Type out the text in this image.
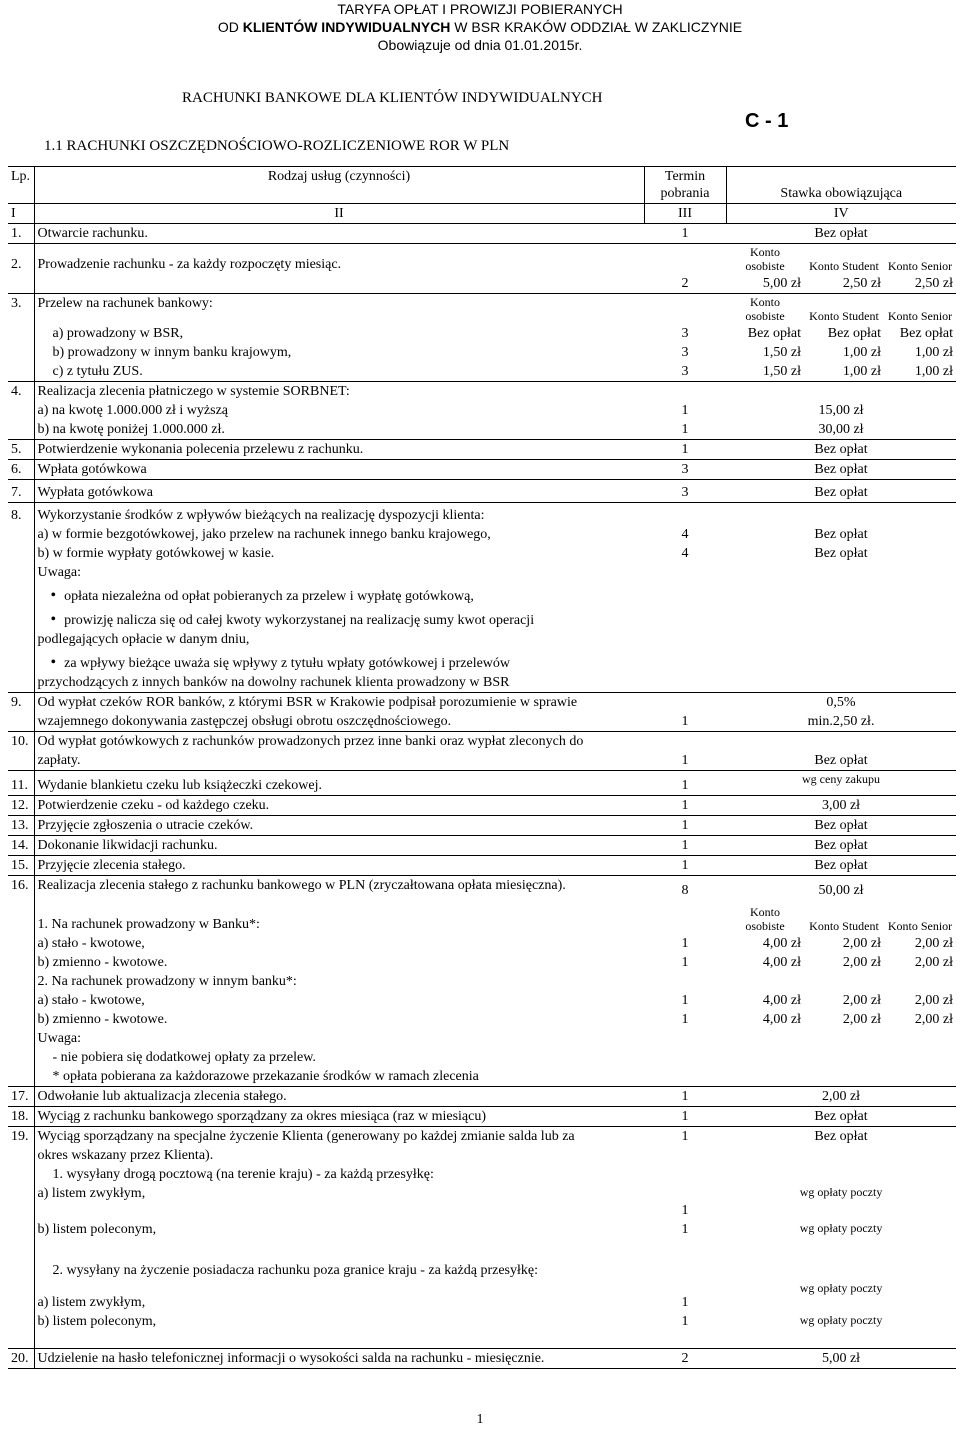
TARYFA OPŁAT I PROWIZJI POBIERANYCH
OD KLIENTÓW INDYWIDUALNYCH W BSR KRAKÓW ODDZIAŁ W ZAKLICZYNIE
Obowiązuje od dnia 01.01.2015r.
RACHUNKI BANKOWE DLA KLIENTÓW INDYWIDUALNYCH
C - 1
1.1 RACHUNKI OSZCZĘDNOŚCIOWO-ROZLICZENIOWE ROR W PLN
Lp.	Rodzaj usług (czynności)	Termin pobrania	Stawka obowiązująca		
I	II	III	IV		
1.	Otwarcie rachunku.	1	Bez opłat		
2.	Prowadzenie rachunku - za każdy rozpoczęty miesiąc.		Konto osobiste	Konto Student	Konto Senior
		2	5,00 zł	2,50 zł	2,50 zł
3.	Przelew na rachunek bankowy:		Konto osobiste	Konto Student	Konto Senior
	a) prowadzony w BSR,	3	Bez opłat	Bez opłat	Bez opłat
	b) prowadzony w innym banku krajowym,	3	1,50 zł	1,00 zł	1,00 zł
	c) z tytułu ZUS.	3	1,50 zł	1,00 zł	1,00 zł
4.	Realizacja zlecenia płatniczego w systemie SORBNET:				
	a) na kwotę 1.000.000 zł i wyższą	1	15,00 zł		
	b) na kwotę poniżej 1.000.000 zł.	1	30,00 zł		
5.	Potwierdzenie wykonania polecenia przelewu z rachunku.	1	Bez opłat		
6.	Wpłata gotówkowa	3	Bez opłat		
7.	Wypłata gotówkowa	3	Bez opłat		
8.	Wykorzystanie środków z wpływów bieżących na realizację dyspozycji klienta:				
	a) w formie bezgotówkowej, jako przelew na rachunek innego banku krajowego,	4	Bez opłat		
	b) w formie wypłaty gotówkowej w kasie.	4	Bez opłat		
	Uwaga:				
	• opłata niezależna od opłat pobieranych za przelew i wypłatę gotówkową,
	• prowizję nalicza się od całej kwoty wykorzystanej na realizację sumy kwot operacji
	podlegających opłacie w danym dniu,				
	• za wpływy bieżące uważa się wpływy z tytułu wpłaty gotówkowej i przelewów
	przychodzących z innych banków na dowolny rachunek klienta prowadzony w BSR				
9.	Od wypłat czeków ROR banków, z którymi BSR w Krakowie podpisał porozumienie w sprawie		0,5%		
	wzajemnego dokonywania zastępczej obsługi obrotu oszczędnościowego.	1	min.2,50 zł.		
10.	Od wypłat gotówkowych z rachunków prowadzonych przez inne banki oraz wypłat zleconych do				
	zapłaty.	1	Bez opłat		
11.	Wydanie blankietu czeku lub książeczki czekowej.	1	wg ceny zakupu		
12.	Potwierdzenie czeku - od każdego czeku.	1	3,00 zł		
13.	Przyjęcie zgłoszenia o utracie czeków.	1	Bez opłat		
14.	Dokonanie likwidacji rachunku.	1	Bez opłat		
15.	Przyjęcie zlecenia stałego.	1	Bez opłat		
16.	Realizacja zlecenia stałego z rachunku bankowego w PLN (zryczałtowana opłata miesięczna).	8	50,00 zł		
	1. Na rachunek prowadzony w Banku*:		Konto osobiste	Konto Student	Konto Senior
	a) stało - kwotowe,	1	4,00 zł	2,00 zł	2,00 zł
	b) zmienno - kwotowe.	1	4,00 zł	2,00 zł	2,00 zł
	2. Na rachunek prowadzony w innym banku*:				
	a) stało - kwotowe,	1	4,00 zł	2,00 zł	2,00 zł
	b) zmienno - kwotowe.	1	4,00 zł	2,00 zł	2,00 zł
	Uwaga:				
	- nie pobiera się dodatkowej opłaty za przelew.				
	* opłata pobierana za każdorazowe przekazanie środków w ramach zlecenia				
17.	Odwołanie lub aktualizacja zlecenia stałego.	1	2,00 zł		
18.	Wyciąg z rachunku bankowego sporządzany za okres miesiąca (raz w miesiącu)	1	Bez opłat		
19.	Wyciąg sporządzany na specjalne życzenie Klienta (generowany po każdej zmianie salda lub za	1	Bez opłat		
	okres wskazany przez Klienta).				
	1. wysyłany drogą pocztową (na terenie kraju) - za każdą przesyłkę:				
	a) listem zwykłym,	1	wg opłaty poczty		
	b) listem poleconym,	1	wg opłaty poczty		
	2. wysyłany na życzenie posiadacza rachunku poza granice kraju - za każdą przesyłkę:				
	a) listem zwykłym,	1	wg opłaty poczty		
	b) listem poleconym,	1	wg opłaty poczty		
20.	Udzielenie na hasło telefonicznej informacji o wysokości salda na rachunku - miesięcznie.	2	5,00 zł		
1
